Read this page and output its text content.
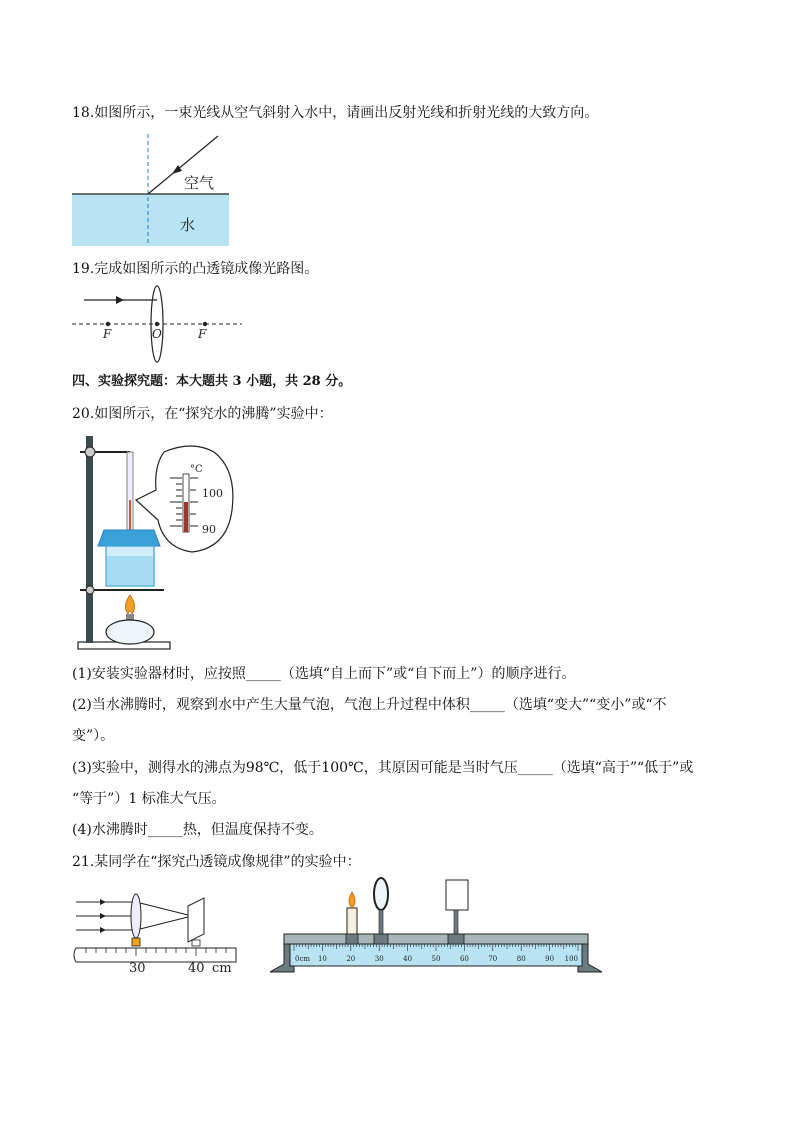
18.如图所示，一束光线从空气斜射入水中，请画出反射光线和折射光线的大致方向。
空气
水
19.完成如图所示的凸透镜成像光路图。
F	O	F
四、实验探究题：本大题共 3 小题，共 28 分。
20.如图所示，在“探究水的沸腾”实验中：
°C
100
90
(1)安装实验器材时，应按照_____（选填“自上而下”或“自下而上”）的顺序进行。
(2)当水沸腾时，观察到水中产生大量气泡，气泡上升过程中体积_____（选填“变大”“变小”或“不
变”）。
(3)实验中，测得水的沸点为98℃，低于100℃，其原因可能是当时气压_____（选填“高于”“低于”或
“等于”）1 标准大气压。
(4)水沸腾时_____热，但温度保持不变。
21.某同学在“探究凸透镜成像规律”的实验中：
30	40 cm
0cm 10	20	30	40	50	60	70	80	90 100
